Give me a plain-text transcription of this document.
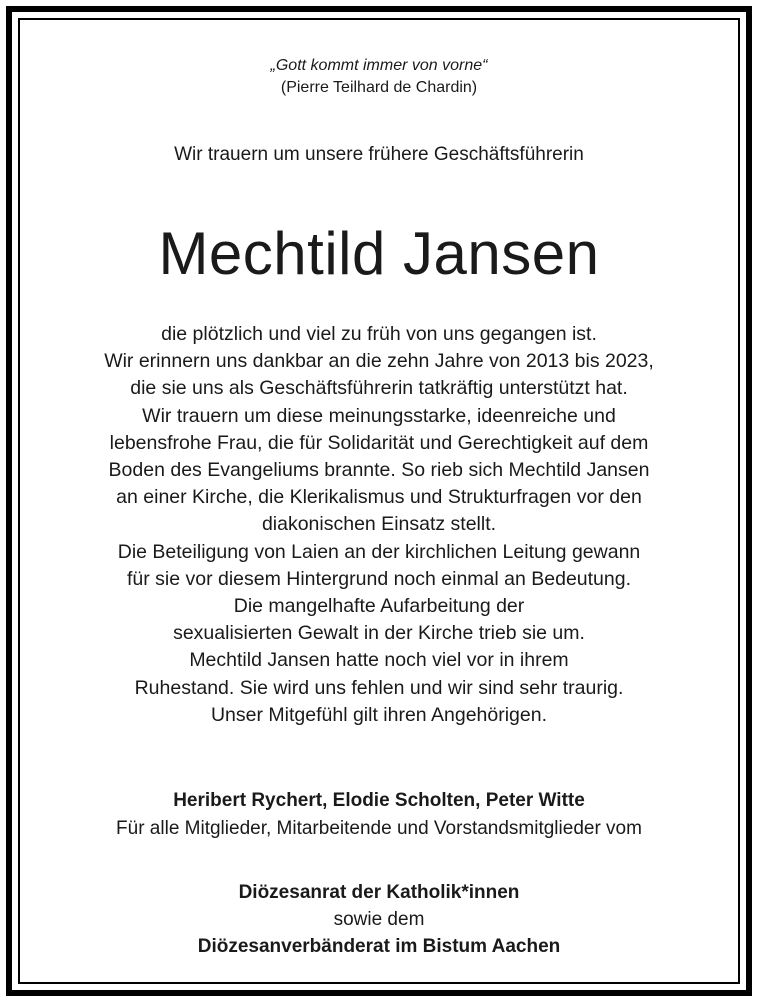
„Gott kommt immer von vorne“
(Pierre Teilhard de Chardin)
Wir trauern um unsere frühere Geschäftsführerin
Mechtild Jansen
die plötzlich und viel zu früh von uns gegangen ist.
Wir erinnern uns dankbar an die zehn Jahre von 2013 bis 2023,
die sie uns als Geschäftsführerin tatkräftig unterstützt hat.
Wir trauern um diese meinungsstarke, ideenreiche und
lebensfrohe Frau, die für Solidarität und Gerechtigkeit auf dem
Boden des Evangeliums brannte. So rieb sich Mechtild Jansen
an einer Kirche, die Klerikalismus und Strukturfragen vor den
diakonischen Einsatz stellt.
Die Beteiligung von Laien an der kirchlichen Leitung gewann
für sie vor diesem Hintergrund noch einmal an Bedeutung.
Die mangelhafte Aufarbeitung der
sexualisierten Gewalt in der Kirche trieb sie um.
Mechtild Jansen hatte noch viel vor in ihrem
Ruhestand. Sie wird uns fehlen und wir sind sehr traurig.
Unser Mitgefühl gilt ihren Angehörigen.
Heribert Rychert, Elodie Scholten, Peter Witte
Für alle Mitglieder, Mitarbeitende und Vorstandsmitglieder vom
Diözesanrat der Katholik*innen
sowie dem
Diözesanverbänderat im Bistum Aachen
